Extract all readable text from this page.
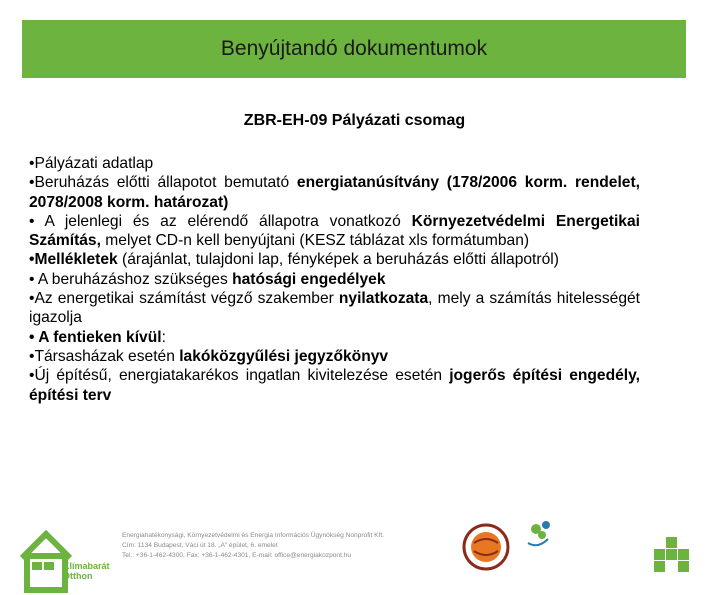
Benyújtandó dokumentumok
ZBR-EH-09 Pályázati csomag

•Pályázati adatlap

•Beruházás előtti állapotot bemutató energiatanúsítvány (178/2006 korm. rendelet, 2078/2008 korm. határozat)

• A jelenlegi és az elérendő állapotra vonatkozó Környezetvédelmi Energetikai Számítás, melyet CD-n kell benyújtani (KESZ táblázat xls formátumban)

•Mellékletek (árajánlat, tulajdoni lap, fényképek a beruházás előtti állapotról)

• A beruházáshoz szükséges hatósági engedélyek

•Az energetikai számítást végző szakember nyilatkozata, mely a számítás hitelességét igazolja

• A fentieken kívül:

•Társasházak esetén lakóközgyűlési jegyzőkönyv

•Új építésű, energiatakarékos ingatlan kivitelezése esetén jogerős építési engedély, építési terv

Klímabarát
Otthon
Energiahatékonysági, Környezetvédelmi és Energia Információs Ügynökség Nonprofit Kft.
Cím: 1134 Budapest, Váci út 18. „A” épület, 6. emelet
Tel.: +36-1-462-4300, Fax: +36-1-462-4301, E-mail: office@energiakozpont.hu
